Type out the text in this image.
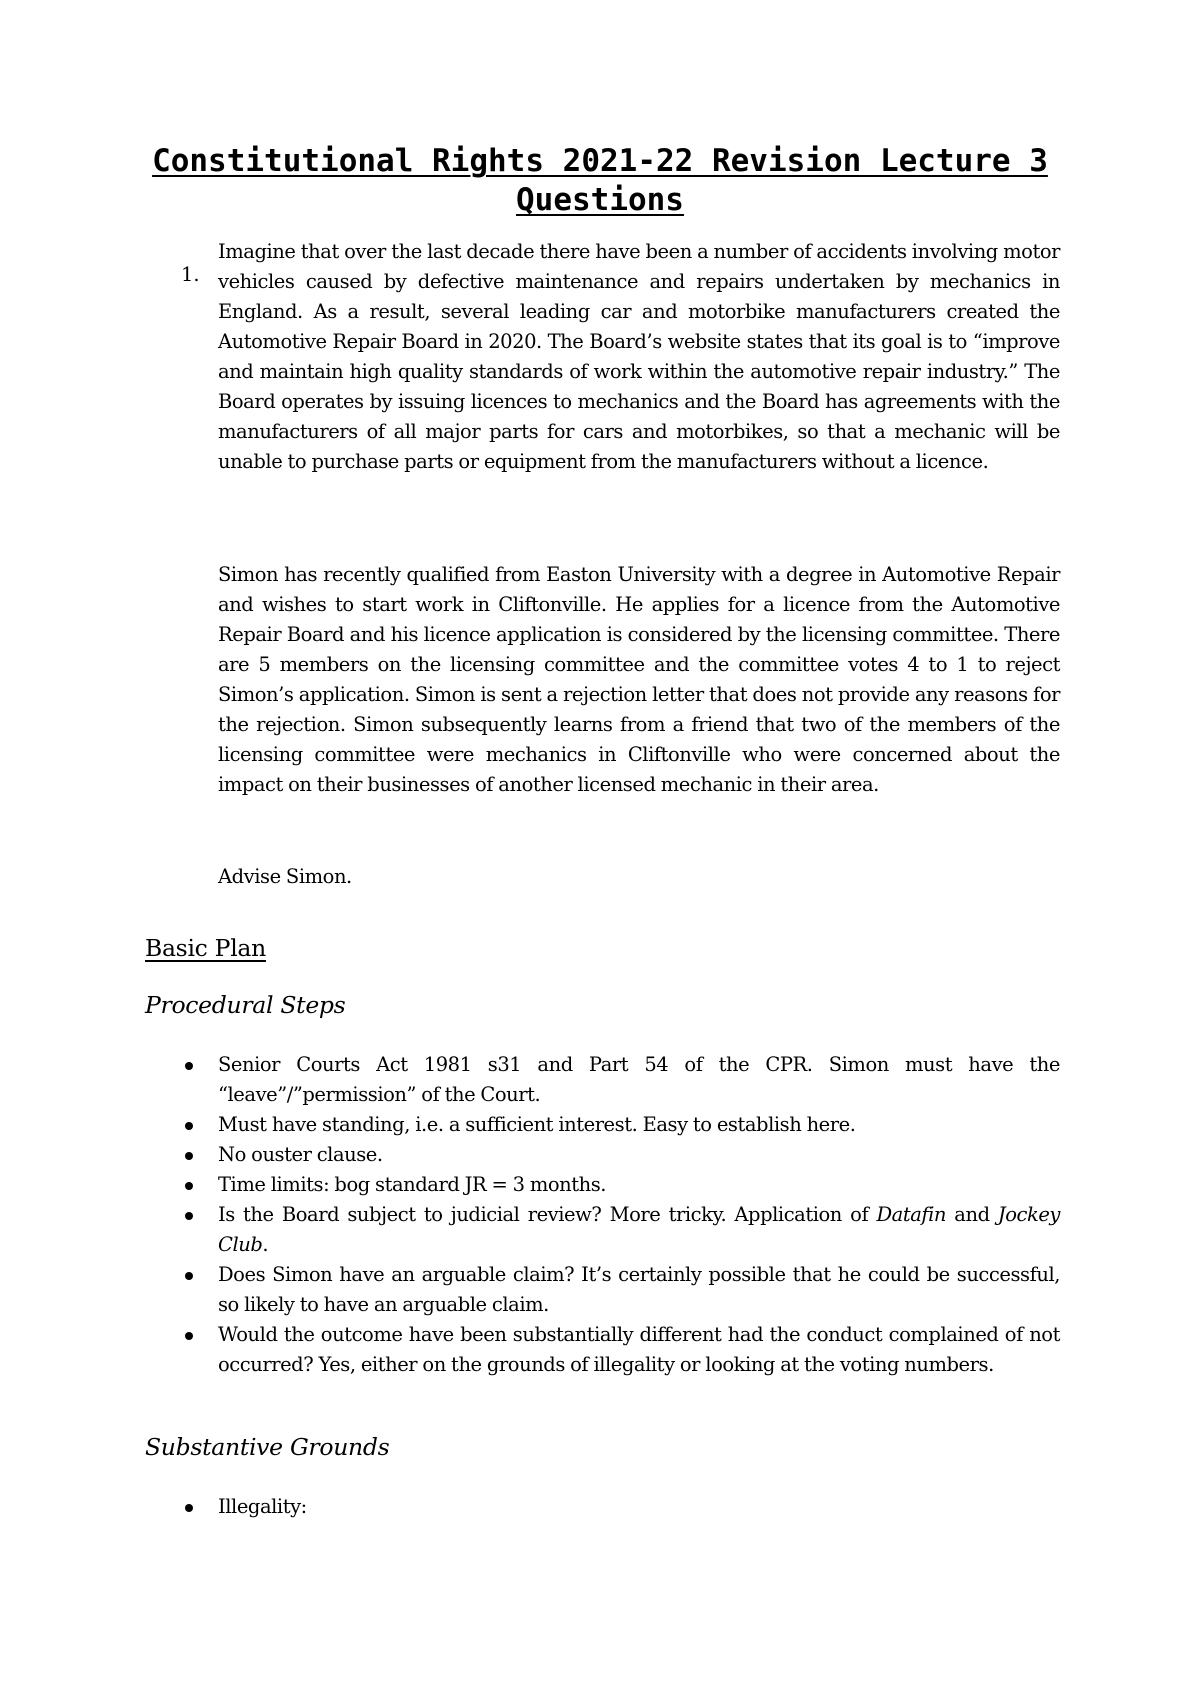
Constitutional Rights 2021-22 Revision Lecture 3
Questions
1.

Imagine that over the last decade there have been a number of accidents involving motor vehicles caused by defective maintenance and repairs undertaken by mechanics in England. As a result, several leading car and motorbike manufacturers created the Automotive Repair Board in 2020. The Board’s website states that its goal is to “improve and maintain high quality standards of work within the automotive repair industry.” The Board operates by issuing licences to mechanics and the Board has agreements with the manufacturers of all major parts for cars and motorbikes, so that a mechanic will be unable to purchase parts or equipment from the manufacturers without a licence.

Simon has recently qualified from Easton University with a degree in Automotive Repair and wishes to start work in Cliftonville. He applies for a licence from the Automotive Repair Board and his licence application is considered by the licensing committee. There are 5 members on the licensing committee and the committee votes 4 to 1 to reject Simon’s application. Simon is sent a rejection letter that does not provide any reasons for the rejection. Simon subsequently learns from a friend that two of the members of the licensing committee were mechanics in Cliftonville who were concerned about the impact on their businesses of another licensed mechanic in their area.

Advise Simon.

Basic Plan
Procedural Steps
Senior Courts Act 1981 s31 and Part 54 of the CPR. Simon must have the “leave”/”permission” of the Court.
Must have standing, i.e. a sufficient interest. Easy to establish here.
No ouster clause.
Time limits: bog standard JR = 3 months.
Is the Board subject to judicial review? More tricky. Application of Datafin and Jockey Club.
Does Simon have an arguable claim? It’s certainly possible that he could be successful, so likely to have an arguable claim.
Would the outcome have been substantially different had the conduct complained of not occurred? Yes, either on the grounds of illegality or looking at the voting numbers.
Substantive Grounds
Illegality:
